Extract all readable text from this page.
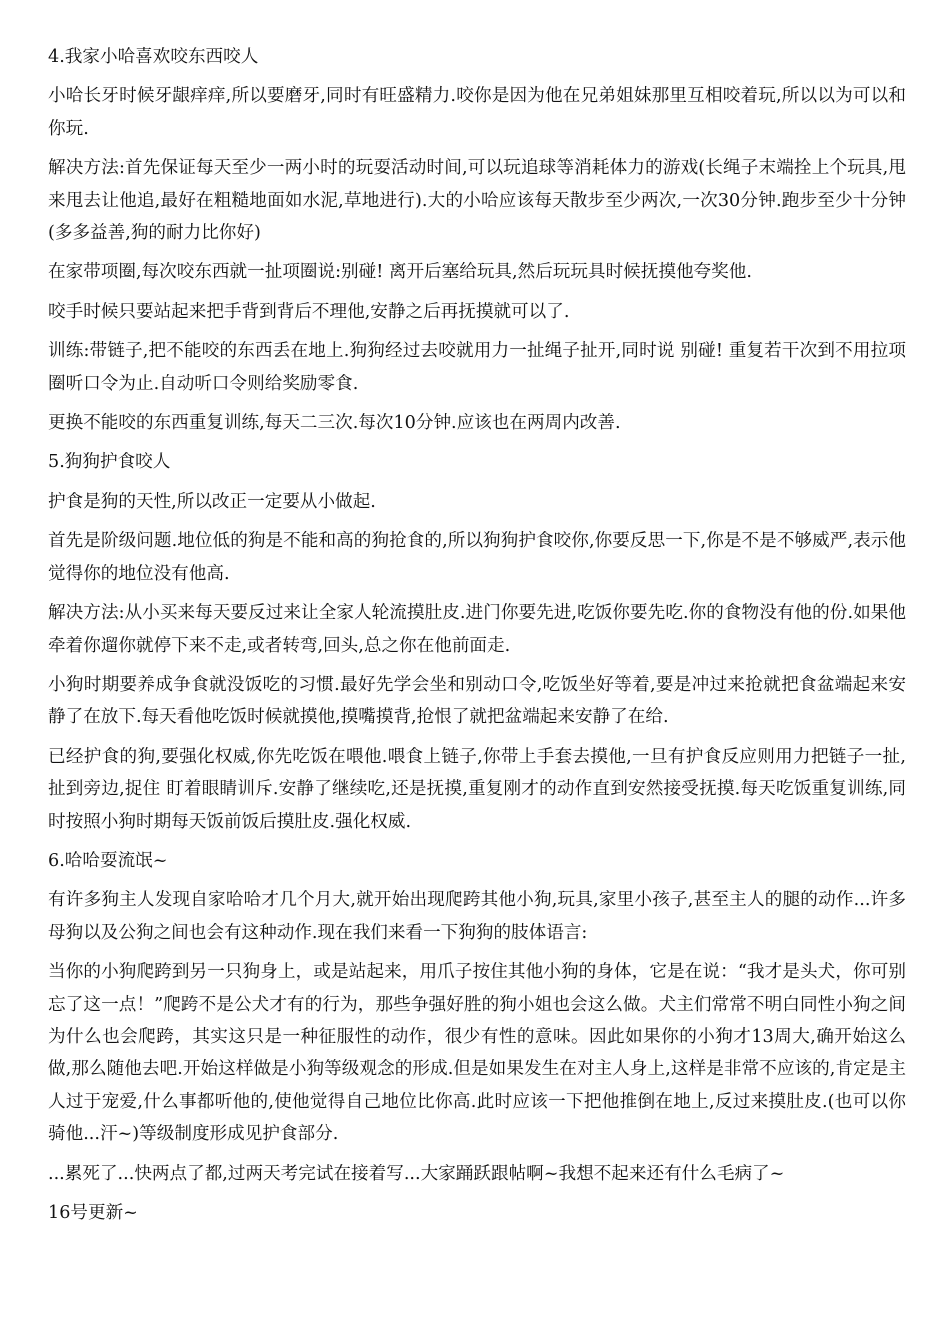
4.我家小哈喜欢咬东西咬人

小哈长牙时候牙龈痒痒,所以要磨牙,同时有旺盛精力.咬你是因为他在兄弟姐妹那里互相咬着玩,所以以为可以和你玩.

解决方法:首先保证每天至少一两小时的玩耍活动时间,可以玩追球等消耗体力的游戏(长绳子末端拴上个玩具,甩来甩去让他追,最好在粗糙地面如水泥,草地进行).大的小哈应该每天散步至少两次,一次30分钟.跑步至少十分钟(多多益善,狗的耐力比你好)

在家带项圈,每次咬东西就一扯项圈说:别碰! 离开后塞给玩具,然后玩玩具时候抚摸他夸奖他.

咬手时候只要站起来把手背到背后不理他,安静之后再抚摸就可以了.

训练:带链子,把不能咬的东西丢在地上.狗狗经过去咬就用力一扯绳子扯开,同时说 别碰! 重复若干次到不用拉项圈听口令为止.自动听口令则给奖励零食.

更换不能咬的东西重复训练,每天二三次.每次10分钟.应该也在两周内改善.

5.狗狗护食咬人

护食是狗的天性,所以改正一定要从小做起.

首先是阶级问题.地位低的狗是不能和高的狗抢食的,所以狗狗护食咬你,你要反思一下,你是不是不够威严,表示他觉得你的地位没有他高.

解决方法:从小买来每天要反过来让全家人轮流摸肚皮.进门你要先进,吃饭你要先吃.你的食物没有他的份.如果他牵着你遛你就停下来不走,或者转弯,回头,总之你在他前面走.

小狗时期要养成争食就没饭吃的习惯.最好先学会坐和别动口令,吃饭坐好等着,要是冲过来抢就把食盆端起来安静了在放下.每天看他吃饭时候就摸他,摸嘴摸背,抢恨了就把盆端起来安静了在给.

已经护食的狗,要强化权威,你先吃饭在喂他.喂食上链子,你带上手套去摸他,一旦有护食反应则用力把链子一扯,扯到旁边,捉住 盯着眼睛训斥.安静了继续吃,还是抚摸,重复刚才的动作直到安然接受抚摸.每天吃饭重复训练,同时按照小狗时期每天饭前饭后摸肚皮.强化权威.

6.哈哈耍流氓~

有许多狗主人发现自家哈哈才几个月大,就开始出现爬跨其他小狗,玩具,家里小孩子,甚至主人的腿的动作...许多母狗以及公狗之间也会有这种动作.现在我们来看一下狗狗的肢体语言:

当你的小狗爬跨到另一只狗身上，或是站起来，用爪子按住其他小狗的身体，它是在说：“我才是头犬，你可别忘了这一点！”爬跨不是公犬才有的行为，那些争强好胜的狗小姐也会这么做。犬主们常常不明白同性小狗之间为什么也会爬跨，其实这只是一种征服性的动作，很少有性的意味。因此如果你的小狗才13周大,确开始这么做,那么随他去吧.开始这样做是小狗等级观念的形成.但是如果发生在对主人身上,这样是非常不应该的,肯定是主人过于宠爱,什么事都听他的,使他觉得自己地位比你高.此时应该一下把他推倒在地上,反过来摸肚皮.(也可以你骑他...汗~)等级制度形成见护食部分.

...累死了...快两点了都,过两天考完试在接着写...大家踊跃跟帖啊~我想不起来还有什么毛病了~

16号更新~
